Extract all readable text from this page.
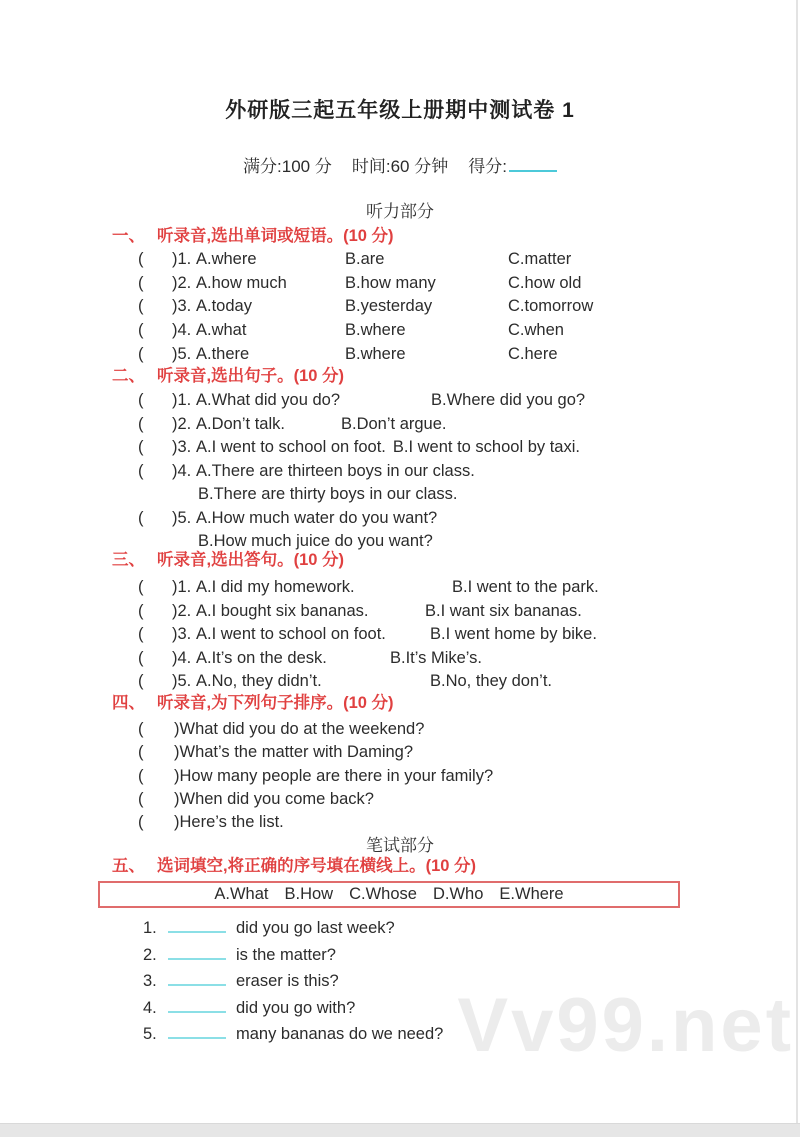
Vv99.net
外研版三起五年级上册期中测试卷 1
满分:100 分 时间:60 分钟 得分:
听力部分
一、 听录音,选出单词或短语。(10 分)
(	)1. A.where	B.are	C.matter
(	)2. A.how much	B.how many	C.how old
(	)3. A.today	B.yesterday	C.tomorrow
(	)4. A.what	B.where	C.when
(	)5. A.there	B.where	C.here
二、 听录音,选出句子。(10 分)
(	)1. A.What did you do?	B.Where did you go?
(	)2. A.Don’t talk.	B.Don’t argue.
(	)3. A.I went to school on foot. B.I went to school by taxi.
(	)4. A.There are thirteen boys in our class.
B.There are thirty boys in our class.
(	)5. A.How much water do you want?
B.How much juice do you want?
三、 听录音,选出答句。(10 分)
(	)1. A.I did my homework.	B.I went to the park.
(	)2. A.I bought six bananas.	B.I want six bananas.
(	)3. A.I went to school on foot.	B.I went home by bike.
(	)4. A.It’s on the desk.	B.It’s Mike’s.
(	)5. A.No, they didn’t.	B.No, they don’t.
四、 听录音,为下列句子排序。(10 分)
(	)What did you do at the weekend?
(	)What’s the matter with Daming?
(	)How many people are there in your family?
(	)When did you come back?
(	)Here’s the list.
笔试部分
五、 选词填空,将正确的序号填在横线上。(10 分)
A.What B.How C.Whose D.Who E.Where
1.	did you go last week?
2.	is the matter?
3.	eraser is this?
4.	did you go with?
5.	many bananas do we need?
